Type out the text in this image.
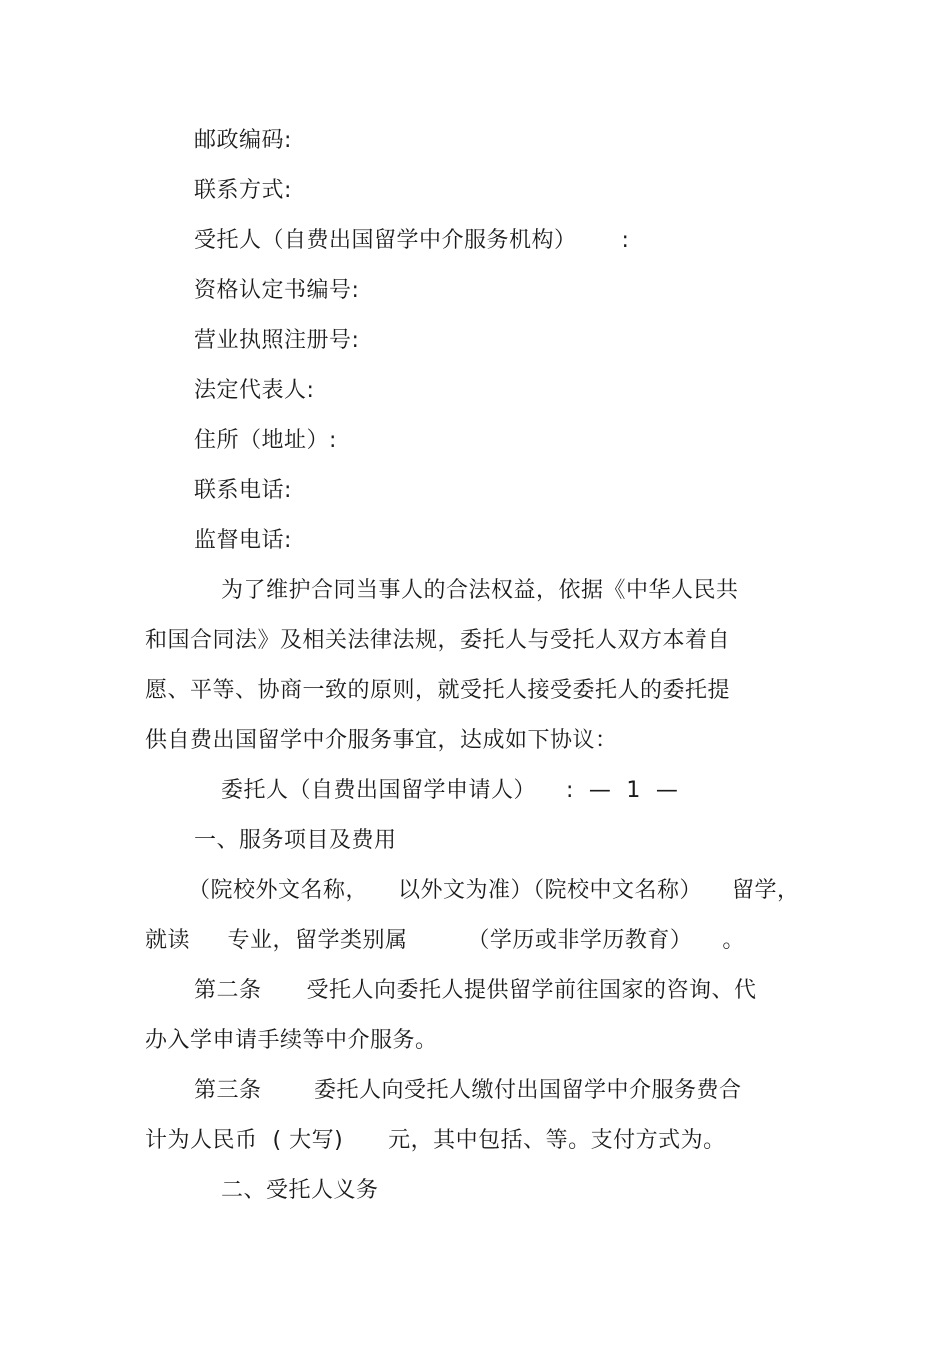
邮政编码:
联系方式:
受托人（自费出国留学中介服务机构）      :
资格认定书编号:
营业执照注册号:
法定代表人:
住所（地址）:
联系电话:
监督电话:
为了维护合同当事人的合法权益，依据《中华人民共
和国合同法》及相关法律法规，委托人与受托人双方本着自
愿、平等、协商一致的原则，就受托人接受委托人的委托提
供自费出国留学中介服务事宜，达成如下协议：
委托人（自费出国留学申请人）    :  —  1  —
一、服务项目及费用
（院校外文名称，    以外文为准）（院校中文名称）    留学，
就读     专业，留学类别属        （学历或非学历教育）    。
第二条      受托人向委托人提供留学前往国家的咨询、代
办入学申请手续等中介服务。
第三条       委托人向受托人缴付出国留学中介服务费合
计为人民币  ( 大写)      元，其中包括、等。支付方式为。
二、受托人义务
